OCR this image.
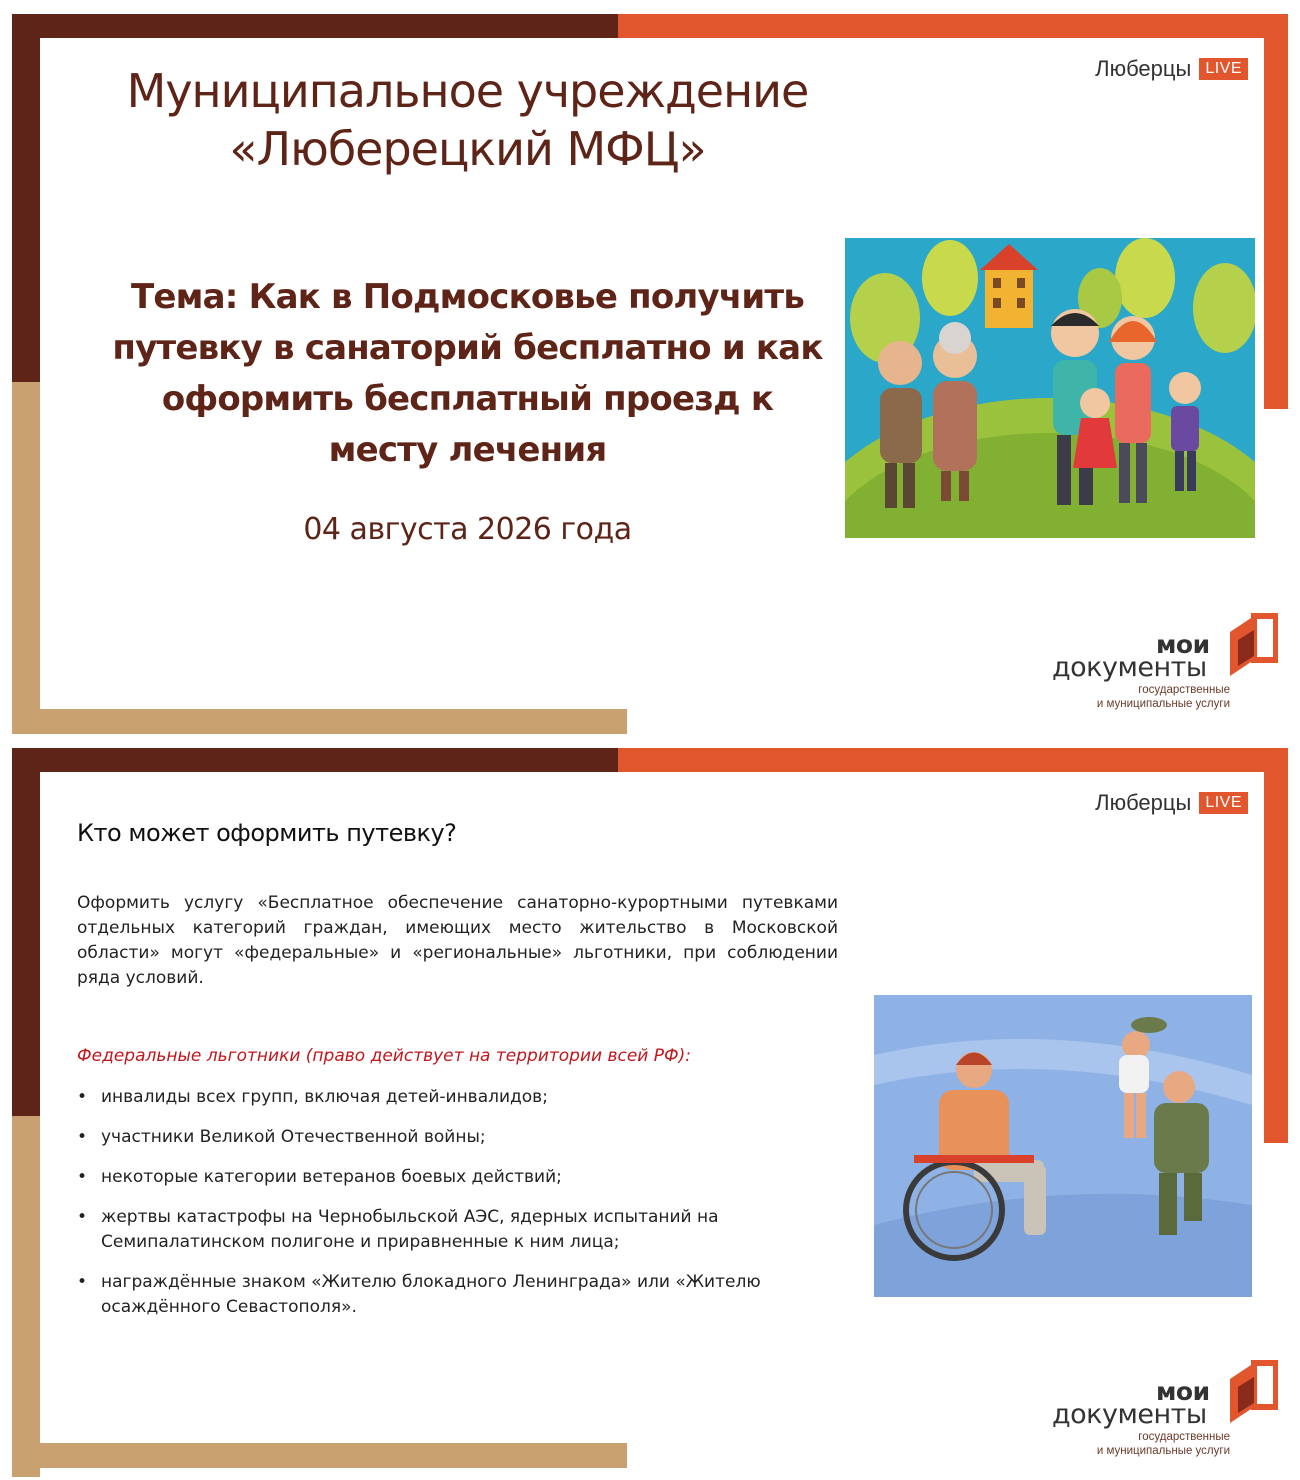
Люберцы LIVE
Муниципальное учреждение
«Люберецкий МФЦ»
Тема: Как в Подмосковье получить
путевку в санаторий бесплатно и как
оформить бесплатный проезд к
месту лечения
04 августа 2026 года
мои
документы
государственные
и муниципальные услуги
Люберцы LIVE
Кто может оформить путевку?

Оформить услугу «Бесплатное обеспечение санаторно-курортными путевками отдельных категорий граждан, имеющих место жительство в Московской области» могут «федеральные» и «региональные» льготники, при соблюдении ряда условий.

Федеральные льготники (право действует на территории всей РФ):
• инвалиды всех групп, включая детей-инвалидов;
• участники Великой Отечественной войны;
• некоторые категории ветеранов боевых действий;
• жертвы катастрофы на Чернобыльской АЭС, ядерных испытаний на Семипалатинском полигоне и приравненные к ним лица;
• награждённые знаком «Жителю блокадного Ленинграда» или «Жителю осаждённого Севастополя».
мои
документы
государственные
и муниципальные услуги
